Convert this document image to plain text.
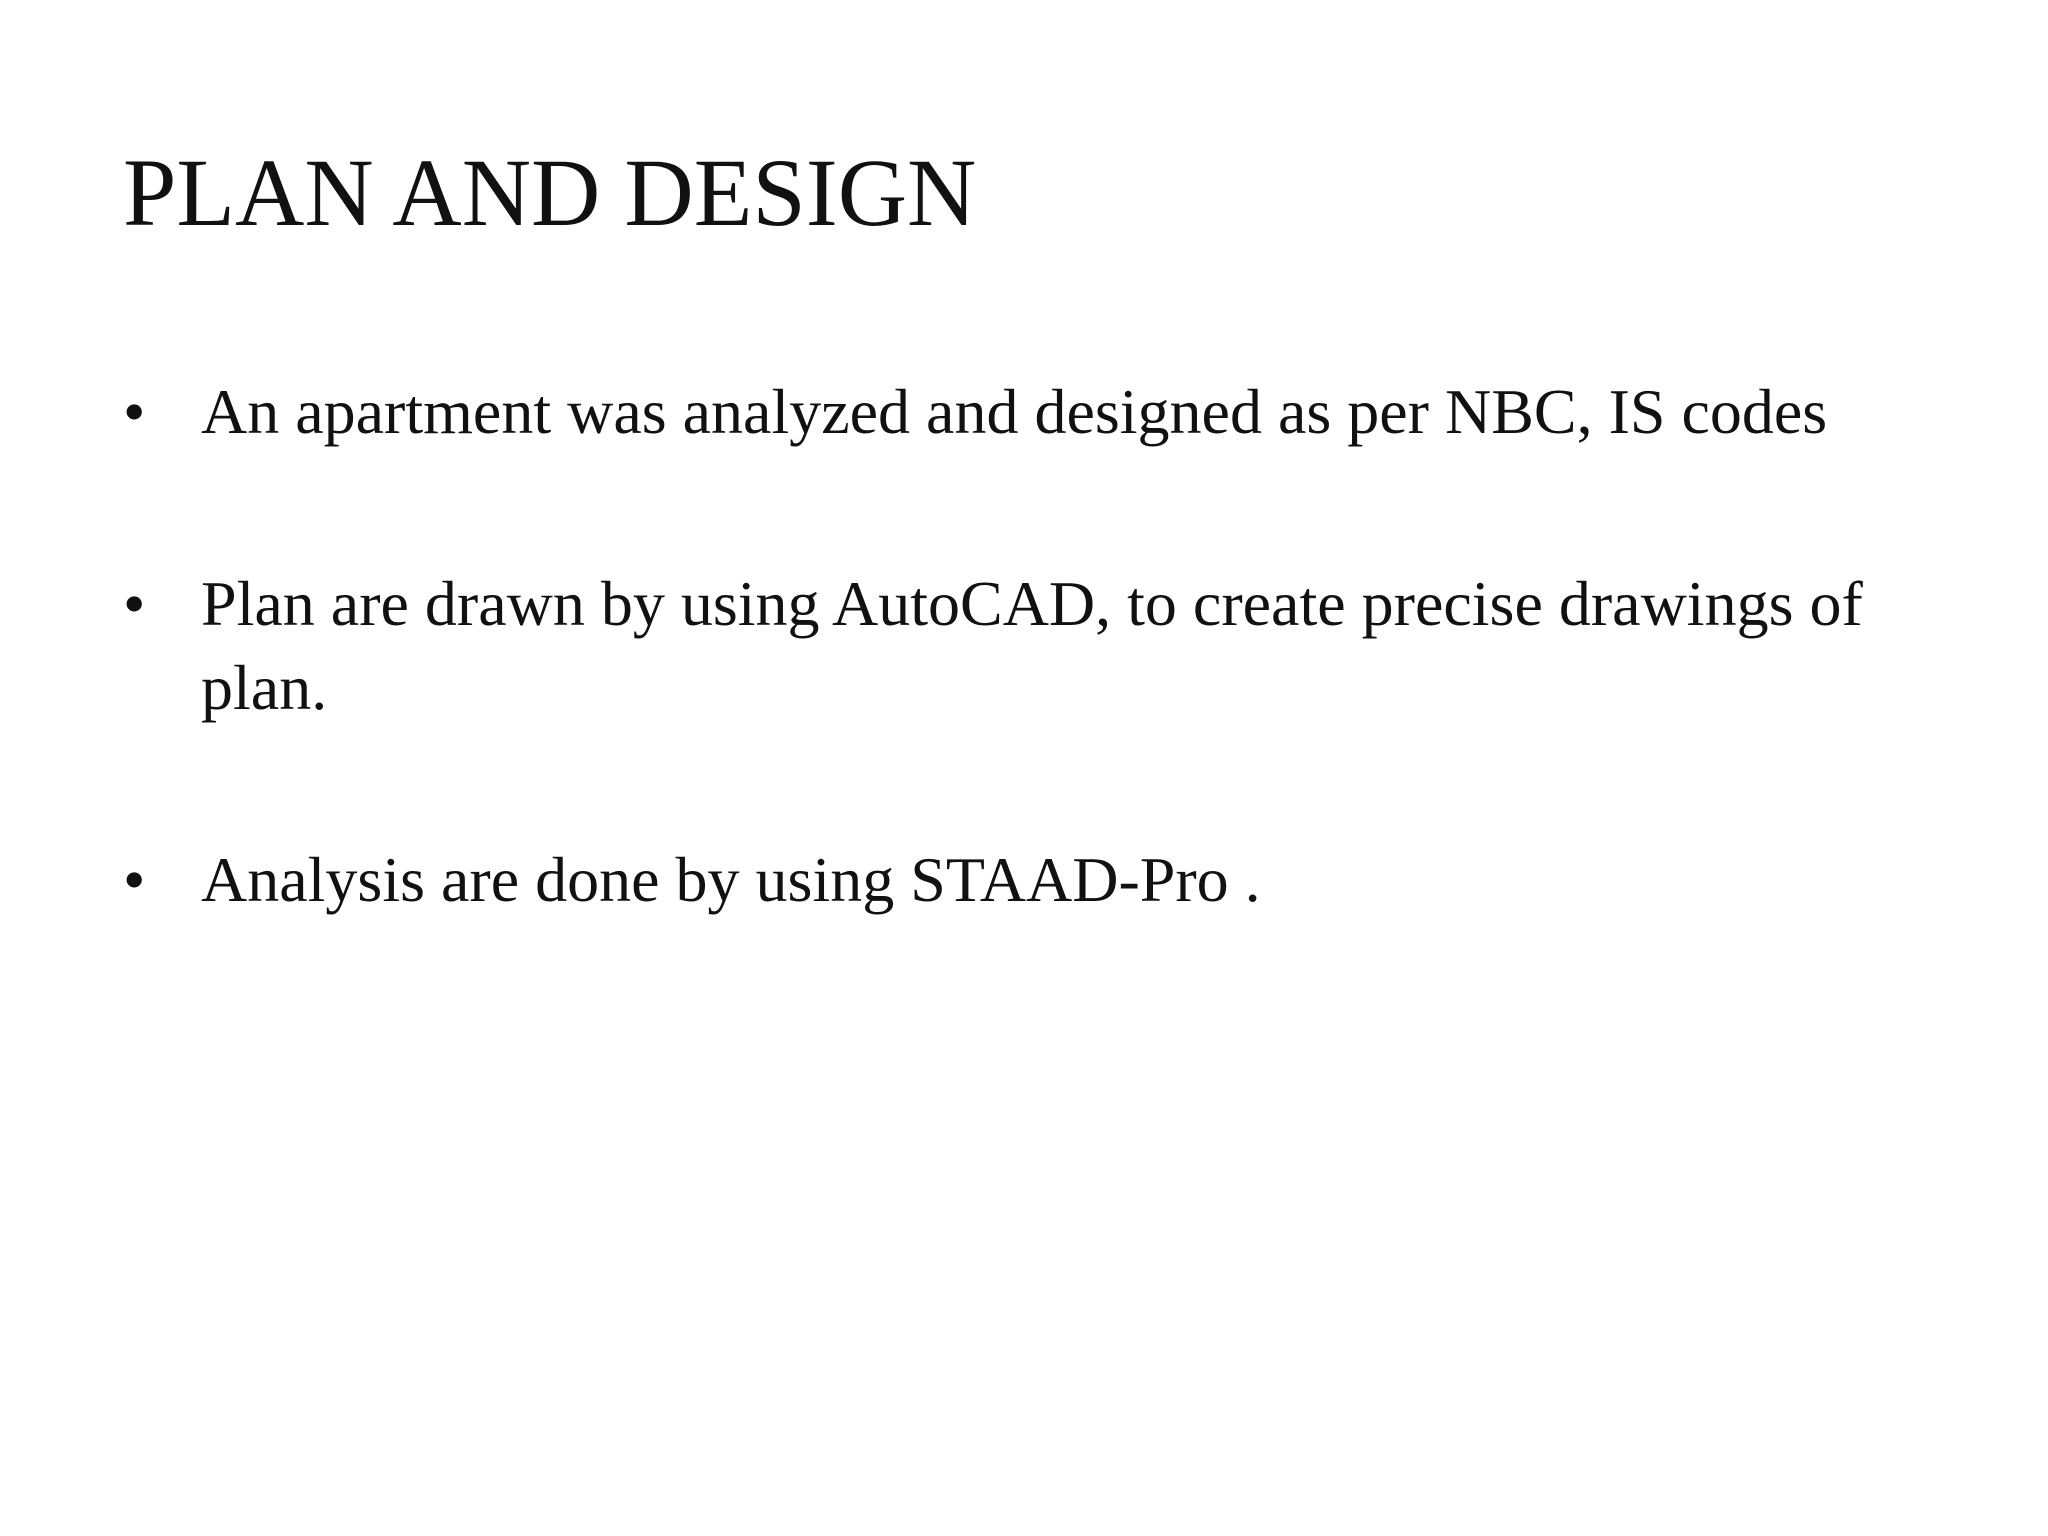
PLAN AND DESIGN
• An apartment was analyzed and designed as per NBC, IS codes
• Plan are drawn by using AutoCAD, to create precise drawings of plan.
• Analysis are done by using STAAD-Pro .
